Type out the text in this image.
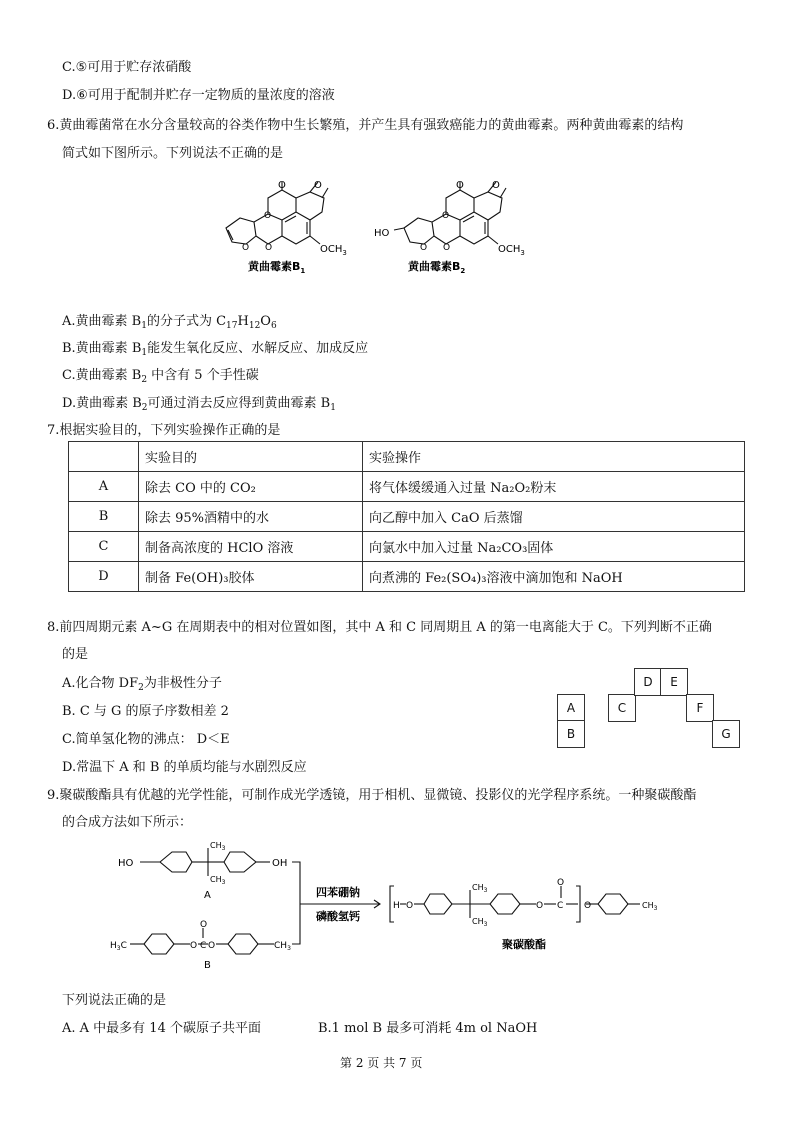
C.⑤可用于贮存浓硝酸
D.⑥可用于配制并贮存一定物质的量浓度的溶液
6.黄曲霉菌常在水分含量较高的谷类作物中生长繁殖，并产生具有强致癌能力的黄曲霉素。两种黄曲霉素的结构
简式如下图所示。下列说法不正确的是
O	O
O
O
O	$OCH_3$
黄曲霉素$B_1$
O	O
O
O
O
HO
$OCH_3$
黄曲霉素$B_2$
A.黄曲霉素 $B_1$的分子式为 $C_{17}H_{12}O_6$
B.黄曲霉素 $B_1$能发生氧化反应、水解反应、加成反应
C.黄曲霉素 $B_2$ 中含有 5 个手性碳
D.黄曲霉素 $B_2$可通过消去反应得到黄曲霉素 $B_1$
7.根据实验目的，下列实验操作正确的是
	实验目的	实验操作
A	除去 CO 中的 CO₂	将气体缓缓通入过量 Na₂O₂粉末
B	除去 95%酒精中的水	向乙醇中加入 CaO 后蒸馏
C	制备高浓度的 HClO 溶液	向氯水中加入过量 Na₂CO₃固体
D	制备 Fe(OH)₃胶体	向煮沸的 Fe₂(SO₄)₃溶液中滴加饱和 NaOH
8.前四周期元素 A~G 在周期表中的相对位置如图，其中 A 和 C 同周期且 A 的第一电离能大于 C。下列判断不正确
的是
A.化合物 $DF_2$为非极性分子
B. C 与 G 的原子序数相差 2
C.简单氢化物的沸点： D＜E
D.常温下 A 和 B 的单质均能与水剧烈反应
A
B
C
D	E
F
G
9.聚碳酸酯具有优越的光学性能，可制作成光学透镜，用于相机、显微镜、投影仪的光学程序系统。一种聚碳酸酯
的合成方法如下所示：
HO	OH
$CH_3$
$CH_3$
A
$H_3C$	O C
O
O	$CH_3$
B
四苯硼钠
磷酸氢钙
H O
$CH_3$
$CH_3$
O C
O
O	$CH_3$
聚碳酸酯
下列说法正确的是
A. A 中最多有 14 个碳原子共平面	B.1 mol B 最多可消耗 4m ol NaOH
第 2 页 共 7 页
